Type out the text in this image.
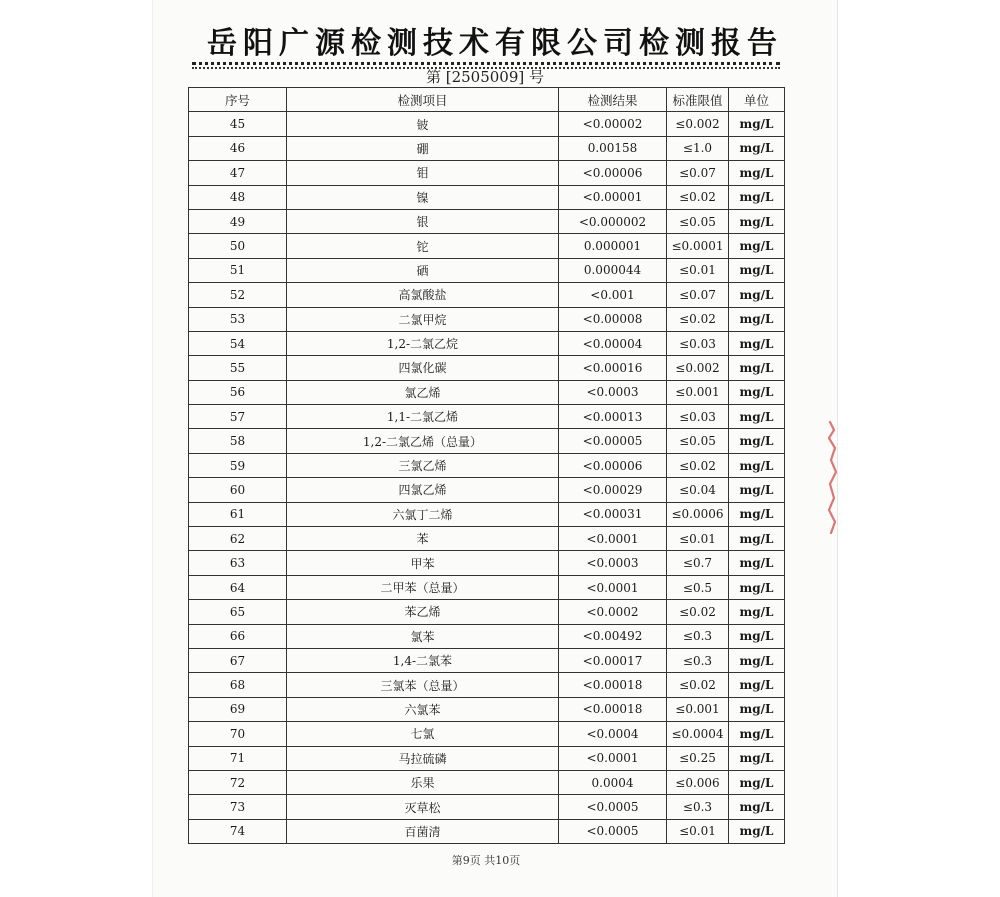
岳阳广源检测技术有限公司检测报告
第 [2505009] 号
序号	检测项目	检测结果	标准限值	单位
45	铍	<0.00002	≤0.002	mg/L
46	硼	0.00158	≤1.0	mg/L
47	钼	<0.00006	≤0.07	mg/L
48	镍	<0.00001	≤0.02	mg/L
49	银	<0.000002	≤0.05	mg/L
50	铊	0.000001	≤0.0001	mg/L
51	硒	0.000044	≤0.01	mg/L
52	高氯酸盐	<0.001	≤0.07	mg/L
53	二氯甲烷	<0.00008	≤0.02	mg/L
54	1,2-二氯乙烷	<0.00004	≤0.03	mg/L
55	四氯化碳	<0.00016	≤0.002	mg/L
56	氯乙烯	<0.0003	≤0.001	mg/L
57	1,1-二氯乙烯	<0.00013	≤0.03	mg/L
58	1,2-二氯乙烯（总量）	<0.00005	≤0.05	mg/L
59	三氯乙烯	<0.00006	≤0.02	mg/L
60	四氯乙烯	<0.00029	≤0.04	mg/L
61	六氯丁二烯	<0.00031	≤0.0006	mg/L
62	苯	<0.0001	≤0.01	mg/L
63	甲苯	<0.0003	≤0.7	mg/L
64	二甲苯（总量）	<0.0001	≤0.5	mg/L
65	苯乙烯	<0.0002	≤0.02	mg/L
66	氯苯	<0.00492	≤0.3	mg/L
67	1,4-二氯苯	<0.00017	≤0.3	mg/L
68	三氯苯（总量）	<0.00018	≤0.02	mg/L
69	六氯苯	<0.00018	≤0.001	mg/L
70	七氯	<0.0004	≤0.0004	mg/L
71	马拉硫磷	<0.0001	≤0.25	mg/L
72	乐果	0.0004	≤0.006	mg/L
73	灭草松	<0.0005	≤0.3	mg/L
74	百菌清	<0.0005	≤0.01	mg/L
第9页 共10页
